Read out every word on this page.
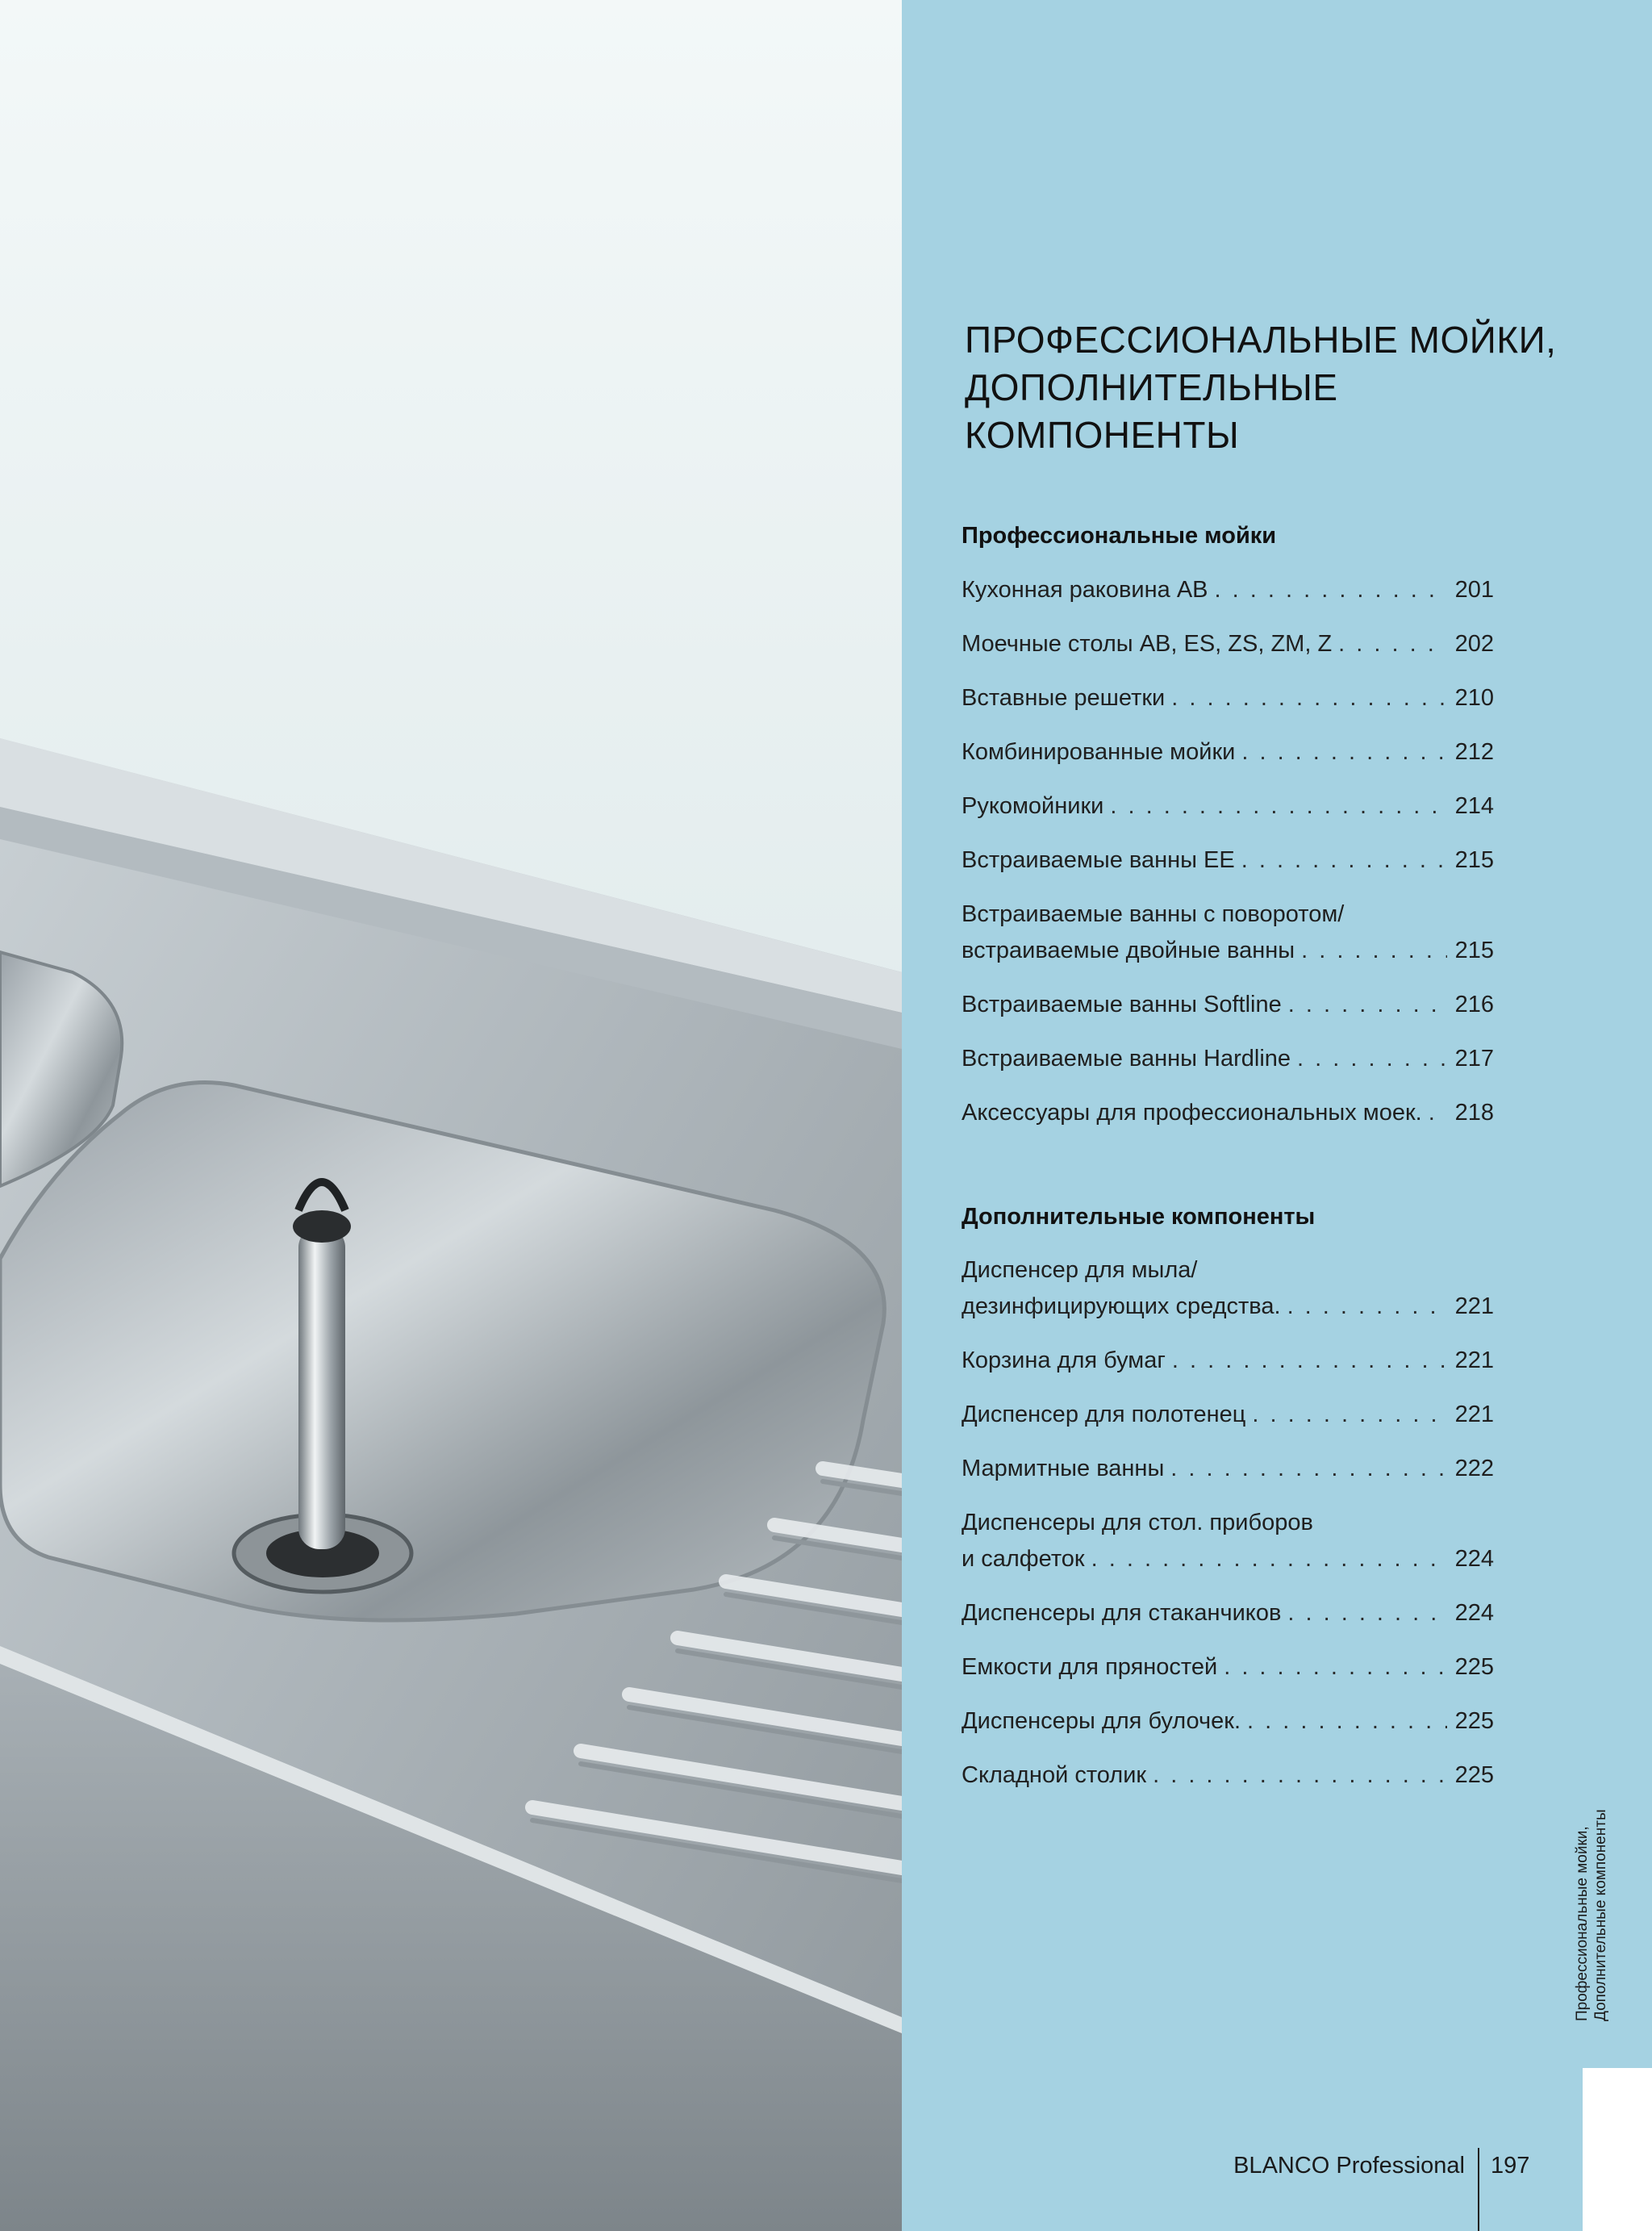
ПРОФЕССИОНАЛЬНЫЕ МОЙКИ, ДОПОЛНИТЕЛЬНЫЕ КОМПОНЕНТЫ
Профессиональные мойки
Кухонная раковина AB . . .	201
Моечные столы AB, ES, ZS, ZM, Z . . .	202
Вставные решетки . . .	210
Комбинированные мойки . . .	212
Рукомойники . . .	214
Встраиваемые ванны EE . . .	215
Встраиваемые ванны с поворотом/
встраиваемые двойные ванны . . .	215
Встраиваемые ванны Softline . . .	216
Встраиваемые ванны Hardline . . .	217
Аксессуары для профессиональных моек. . . .	218
Дополнительные компоненты
Диспенсер для мыла/
дезинфицирующих средства. . . .	221
Корзина для бумаг . . .	221
Диспенсер для полотенец . . .	221
Мармитные ванны . . .	222
Диспенсеры для стол. приборов
и салфеток . . .	224
Диспенсеры для стаканчиков . . .	224
Емкости для пряностей . . .	225
Диспенсеры для булочек. . . .	225
Складной столик . . .	225
Профессиональные мойки, Дополнительные компоненты
BLANCO Professional 197
